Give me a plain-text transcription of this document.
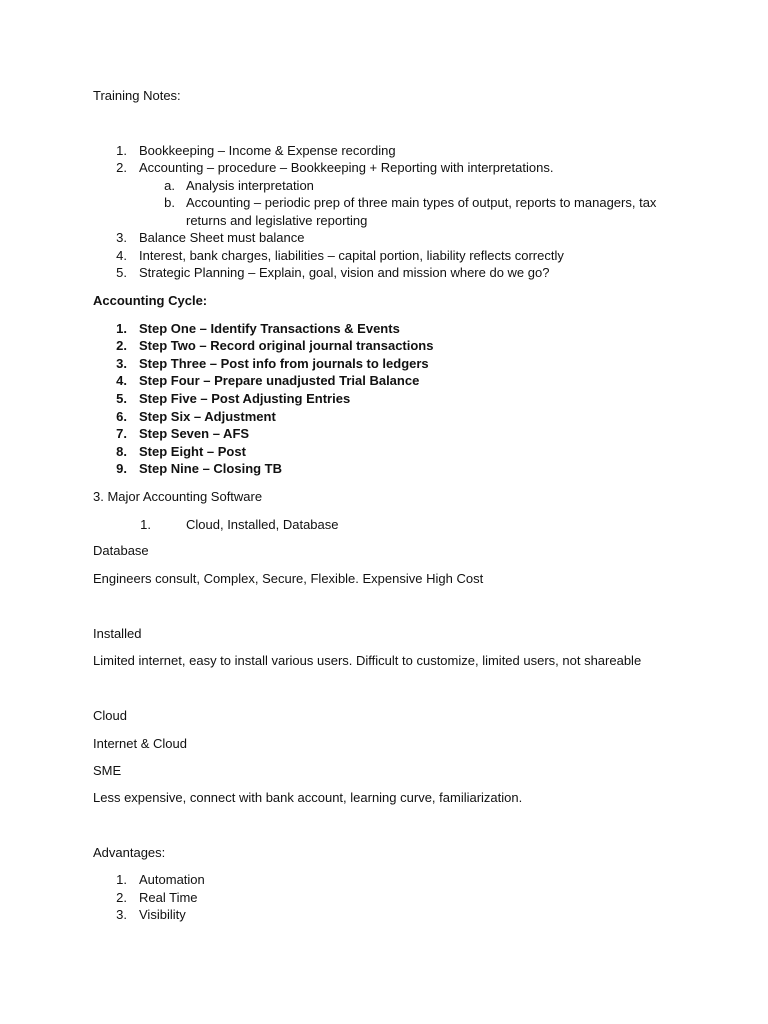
Training Notes:
1. Bookkeeping – Income & Expense recording
2. Accounting – procedure – Bookkeeping + Reporting with interpretations.
a. Analysis interpretation
b. Accounting – periodic prep of three main types of output, reports to managers, tax
returns and legislative reporting
3. Balance Sheet must balance
4. Interest, bank charges, liabilities – capital portion, liability reflects correctly
5. Strategic Planning – Explain, goal, vision and mission where do we go?
Accounting Cycle:
1. Step One – Identify Transactions & Events
2. Step Two – Record original journal transactions
3. Step Three – Post info from journals to ledgers
4. Step Four – Prepare unadjusted Trial Balance
5. Step Five – Post Adjusting Entries
6. Step Six – Adjustment
7. Step Seven – AFS
8. Step Eight – Post
9. Step Nine – Closing TB
3. Major Accounting Software
1.	Cloud, Installed, Database
Database
Engineers consult, Complex, Secure, Flexible. Expensive High Cost
Installed
Limited internet, easy to install various users. Difficult to customize, limited users, not shareable
Cloud
Internet & Cloud
SME
Less expensive, connect with bank account, learning curve, familiarization.
Advantages:
1. Automation
2. Real Time
3. Visibility
